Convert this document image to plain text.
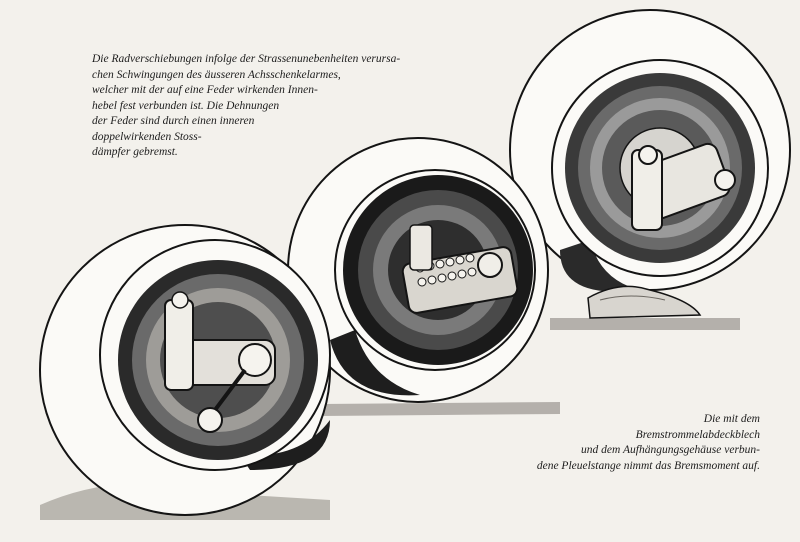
Die Radverschiebungen infolge der Strassenunebenheiten verursa-
chen Schwingungen des äusseren Achsschenkelarmes,
welcher mit der auf eine Feder wirkenden Innen-
hebel fest verbunden ist. Die Dehnungen
der Feder sind durch einen inneren
doppelwirkenden Stoss-
dämpfer gebremst.

Die mit dem
Bremstrommelabdeckblech
und dem Aufhängungsgehäuse verbun-
dene Pleuelstange nimmt das Bremsmoment auf.
